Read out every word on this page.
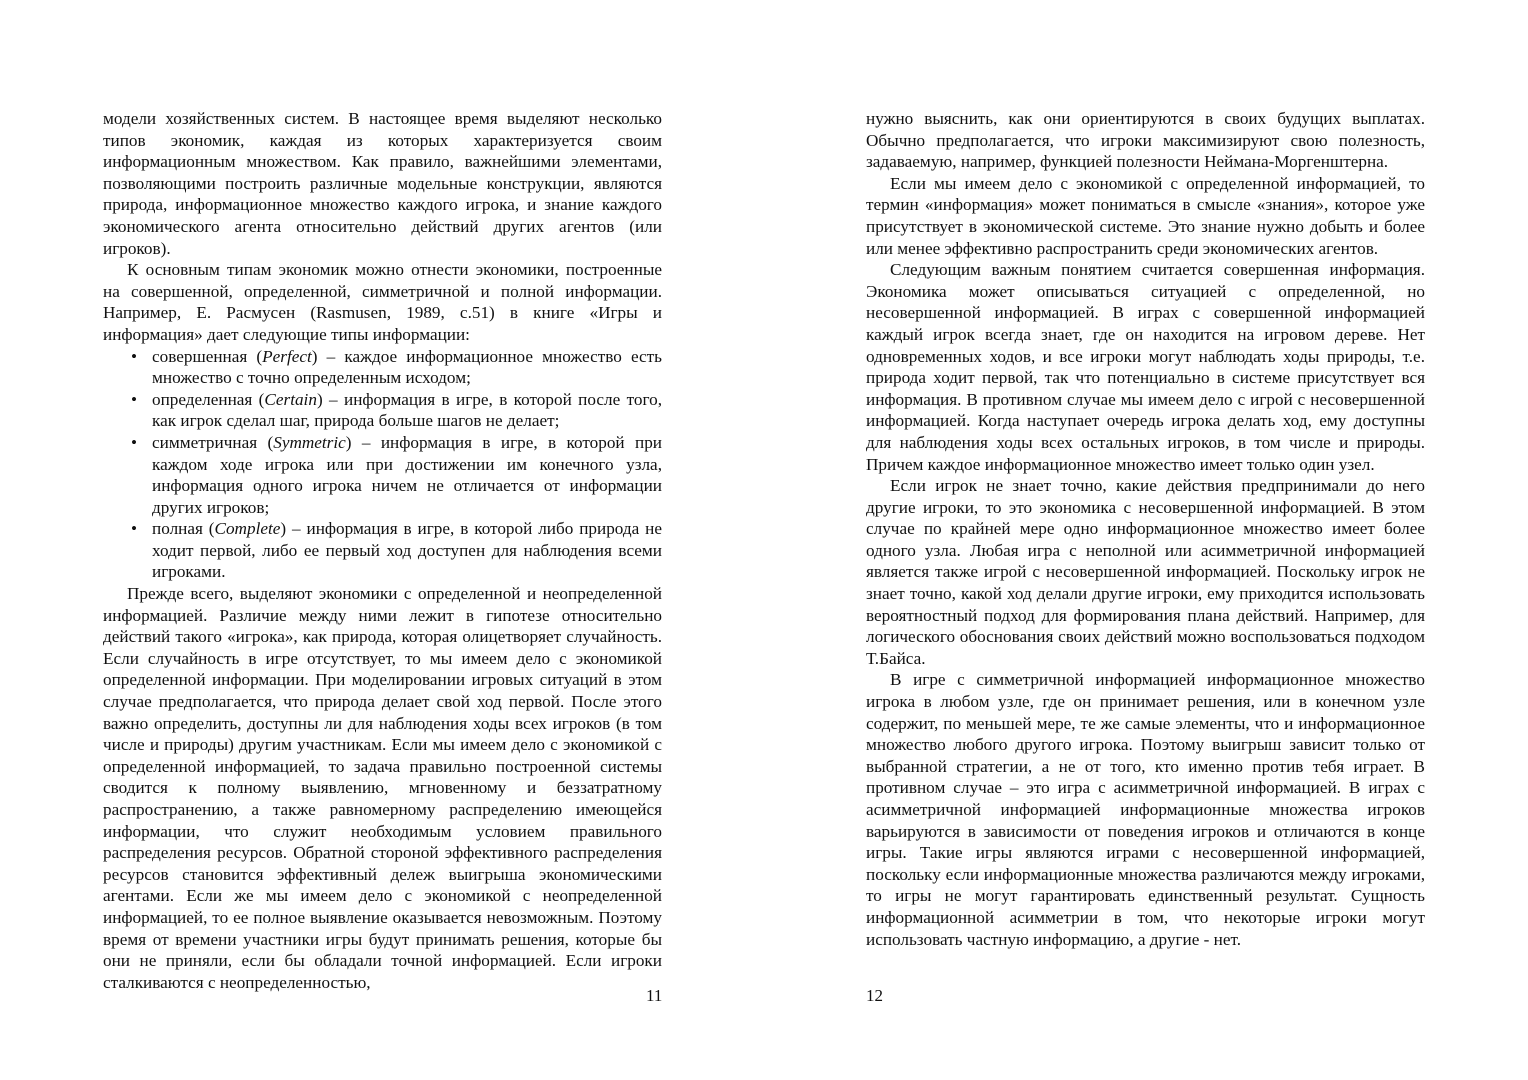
модели хозяйственных систем. В настоящее время выделяют несколько типов экономик, каждая из которых характеризуется своим информационным множеством. Как правило, важнейшими элементами, позволяющими построить различные модельные конструкции, являются природа, информационное множество каждого игрока, и знание каждого экономического агента относительно действий других агентов (или игроков).

К основным типам экономик можно отнести экономики, построенные на совершенной, определенной, симметричной и полной информации. Например, Е. Расмусен (Rasmusen, 1989, с.51) в книге «Игры и информация» дает следующие типы информации:

• совершенная (Perfect) – каждое информационное множество есть множество с точно определенным исходом;
• определенная (Certain) – информация в игре, в которой после того, как игрок сделал шаг, природа больше шагов не делает;
• симметричная (Symmetric) – информация в игре, в которой при каждом ходе игрока или при достижении им конечного узла, информация одного игрока ничем не отличается от информации других игроков;
• полная (Complete) – информация в игре, в которой либо природа не ходит первой, либо ее первый ход доступен для наблюдения всеми игроками.

Прежде всего, выделяют экономики с определенной и неопределенной информацией. Различие между ними лежит в гипотезе относительно действий такого «игрока», как природа, которая олицетворяет случайность. Если случайность в игре отсутствует, то мы имеем дело с экономикой определенной информации. При моделировании игровых ситуаций в этом случае предполагается, что природа делает свой ход первой. После этого важно определить, доступны ли для наблюдения ходы всех игроков (в том числе и природы) другим участникам. Если мы имеем дело с экономикой с определенной информацией, то задача правильно построенной системы сводится к полному выявлению, мгновенному и беззатратному распространению, а также равномерному распределению имеющейся информации, что служит необходимым условием правильного распределения ресурсов. Обратной стороной эффективного распределения ресурсов становится эффективный дележ выигрыша экономическими агентами. Если же мы имеем дело с экономикой с неопределенной информацией, то ее полное выявление оказывается невозможным. Поэтому время от времени участники игры будут принимать решения, которые бы они не приняли, если бы обладали точной информацией. Если игроки сталкиваются с неопределенностью,

11

нужно выяснить, как они ориентируются в своих будущих выплатах. Обычно предполагается, что игроки максимизируют свою полезность, задаваемую, например, функцией полезности Неймана-Моргенштерна.

Если мы имеем дело с экономикой с определенной информацией, то термин «информация» может пониматься в смысле «знания», которое уже присутствует в экономической системе. Это знание нужно добыть и более или менее эффективно распространить среди экономических агентов.

Следующим важным понятием считается совершенная информация. Экономика может описываться ситуацией с определенной, но несовершенной информацией. В играх с совершенной информацией каждый игрок всегда знает, где он находится на игровом дереве. Нет одновременных ходов, и все игроки могут наблюдать ходы природы, т.е. природа ходит первой, так что потенциально в системе присутствует вся информация. В противном случае мы имеем дело с игрой с несовершенной информацией. Когда наступает очередь игрока делать ход, ему доступны для наблюдения ходы всех остальных игроков, в том числе и природы. Причем каждое информационное множество имеет только один узел.

Если игрок не знает точно, какие действия предпринимали до него другие игроки, то это экономика с несовершенной информацией. В этом случае по крайней мере одно информационное множество имеет более одного узла. Любая игра с неполной или асимметричной информацией является также игрой с несовершенной информацией. Поскольку игрок не знает точно, какой ход делали другие игроки, ему приходится использовать вероятностный подход для формирования плана действий. Например, для логического обоснования своих действий можно воспользоваться подходом Т.Байса.

В игре с симметричной информацией информационное множество игрока в любом узле, где он принимает решения, или в конечном узле содержит, по меньшей мере, те же самые элементы, что и информационное множество любого другого игрока. Поэтому выигрыш зависит только от выбранной стратегии, а не от того, кто именно против тебя играет. В противном случае – это игра с асимметричной информацией. В играх с асимметричной информацией информационные множества игроков варьируются в зависимости от поведения игроков и отличаются в конце игры. Такие игры являются играми с несовершенной информацией, поскольку если информационные множества различаются между игроками, то игры не могут гарантировать единственный результат. Сущность информационной асимметрии в том, что некоторые игроки могут использовать частную информацию, а другие - нет.

12
